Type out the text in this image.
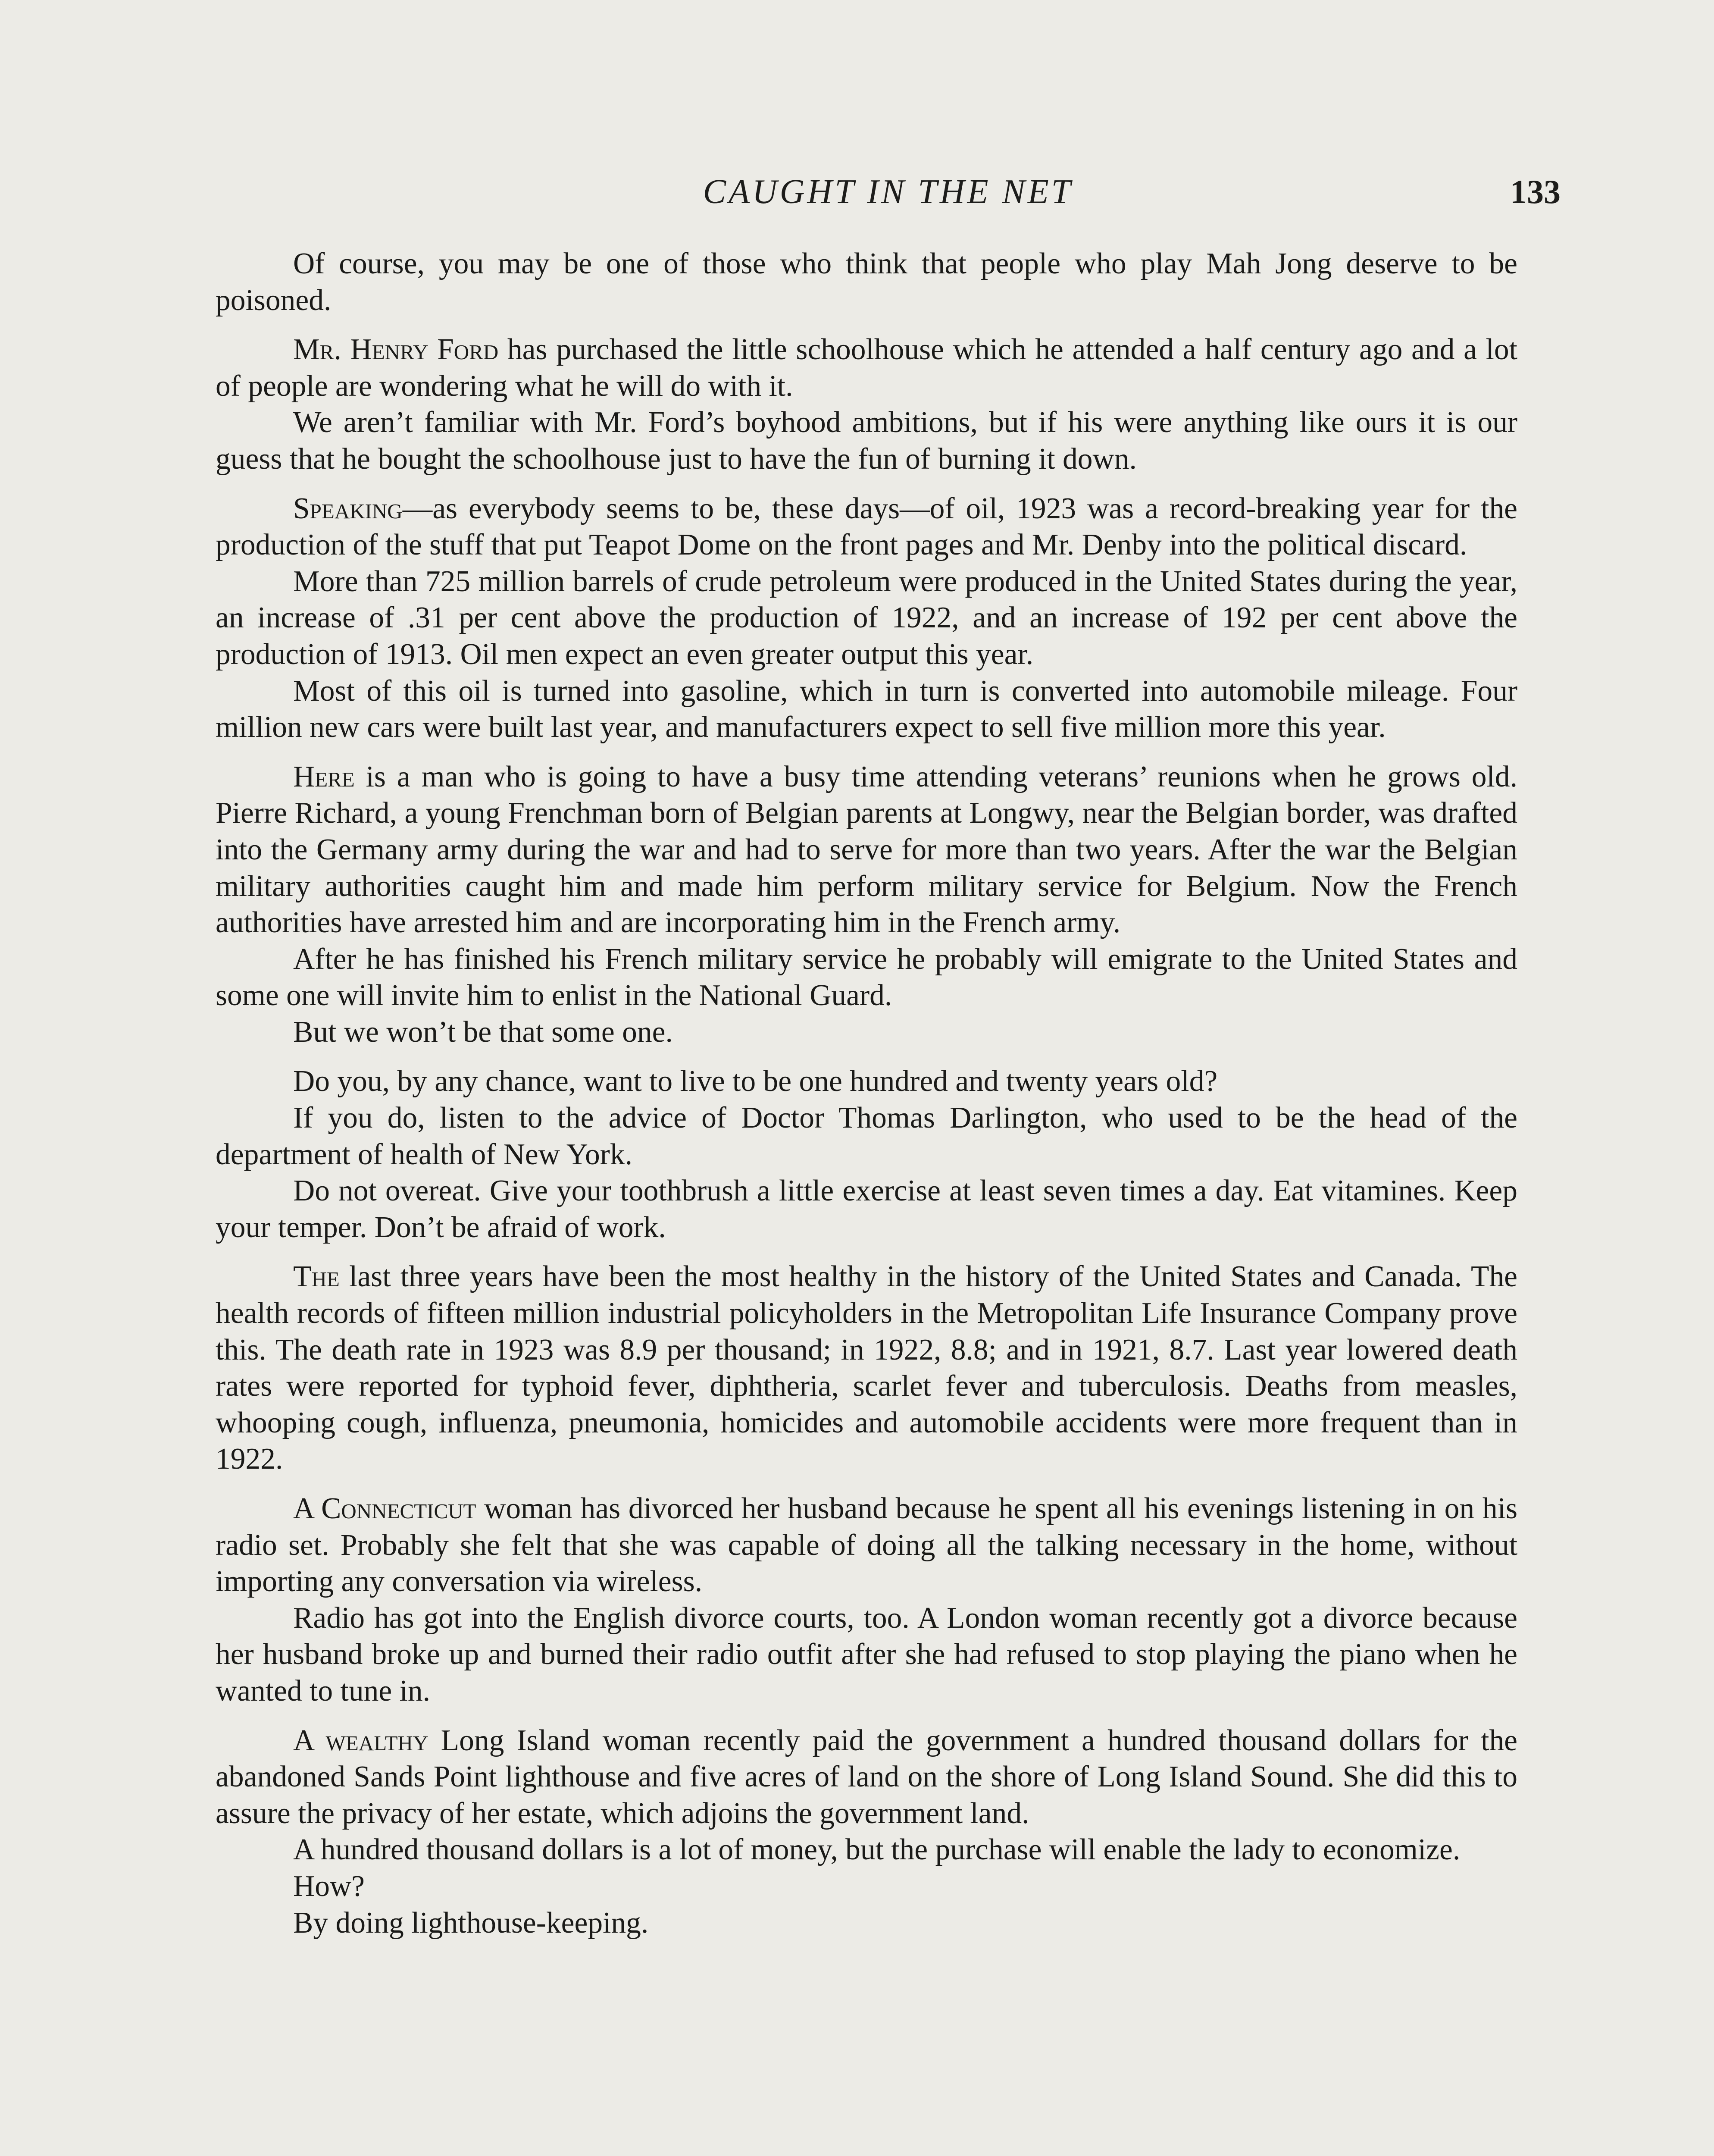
CAUGHT IN THE NET	133

Of course, you may be one of those who think that people who play Mah Jong deserve to be poisoned.

Mr. Henry Ford has purchased the little schoolhouse which he attended a half century ago and a lot of people are wondering what he will do with it.

We aren’t familiar with Mr. Ford’s boyhood ambitions, but if his were anything like ours it is our guess that he bought the schoolhouse just to have the fun of burning it down.

Speaking—as everybody seems to be, these days—of oil, 1923 was a record-breaking year for the production of the stuff that put Teapot Dome on the front pages and Mr. Denby into the political discard.

More than 725 million barrels of crude petroleum were produced in the United States during the year, an increase of .31 per cent above the production of 1922, and an increase of 192 per cent above the production of 1913. Oil men expect an even greater output this year.

Most of this oil is turned into gasoline, which in turn is converted into automobile mileage. Four million new cars were built last year, and manufacturers expect to sell five million more this year.

Here is a man who is going to have a busy time attending veterans’ reunions when he grows old. Pierre Richard, a young Frenchman born of Belgian parents at Longwy, near the Belgian border, was drafted into the Germany army during the war and had to serve for more than two years. After the war the Belgian military authorities caught him and made him perform military service for Belgium. Now the French authorities have arrested him and are incorporating him in the French army.

After he has finished his French military service he probably will emigrate to the United States and some one will invite him to enlist in the National Guard.

But we won’t be that some one.

Do you, by any chance, want to live to be one hundred and twenty years old?

If you do, listen to the advice of Doctor Thomas Darlington, who used to be the head of the department of health of New York.

Do not overeat. Give your toothbrush a little exercise at least seven times a day. Eat vitamines. Keep your temper. Don’t be afraid of work.

The last three years have been the most healthy in the history of the United States and Canada. The health records of fifteen million industrial policyholders in the Metropolitan Life Insurance Company prove this. The death rate in 1923 was 8.9 per thousand; in 1922, 8.8; and in 1921, 8.7. Last year lowered death rates were reported for typhoid fever, diphtheria, scarlet fever and tuberculosis. Deaths from measles, whooping cough, influenza, pneumonia, homicides and automobile accidents were more frequent than in 1922.

A Connecticut woman has divorced her husband because he spent all his evenings listening in on his radio set. Probably she felt that she was capable of doing all the talking necessary in the home, without importing any conversation via wireless.

Radio has got into the English divorce courts, too. A London woman recently got a divorce because her husband broke up and burned their radio outfit after she had refused to stop playing the piano when he wanted to tune in.

A wealthy Long Island woman recently paid the government a hundred thousand dollars for the abandoned Sands Point lighthouse and five acres of land on the shore of Long Island Sound. She did this to assure the privacy of her estate, which adjoins the government land.

A hundred thousand dollars is a lot of money, but the purchase will enable the lady to economize.

How?

By doing lighthouse-keeping.
